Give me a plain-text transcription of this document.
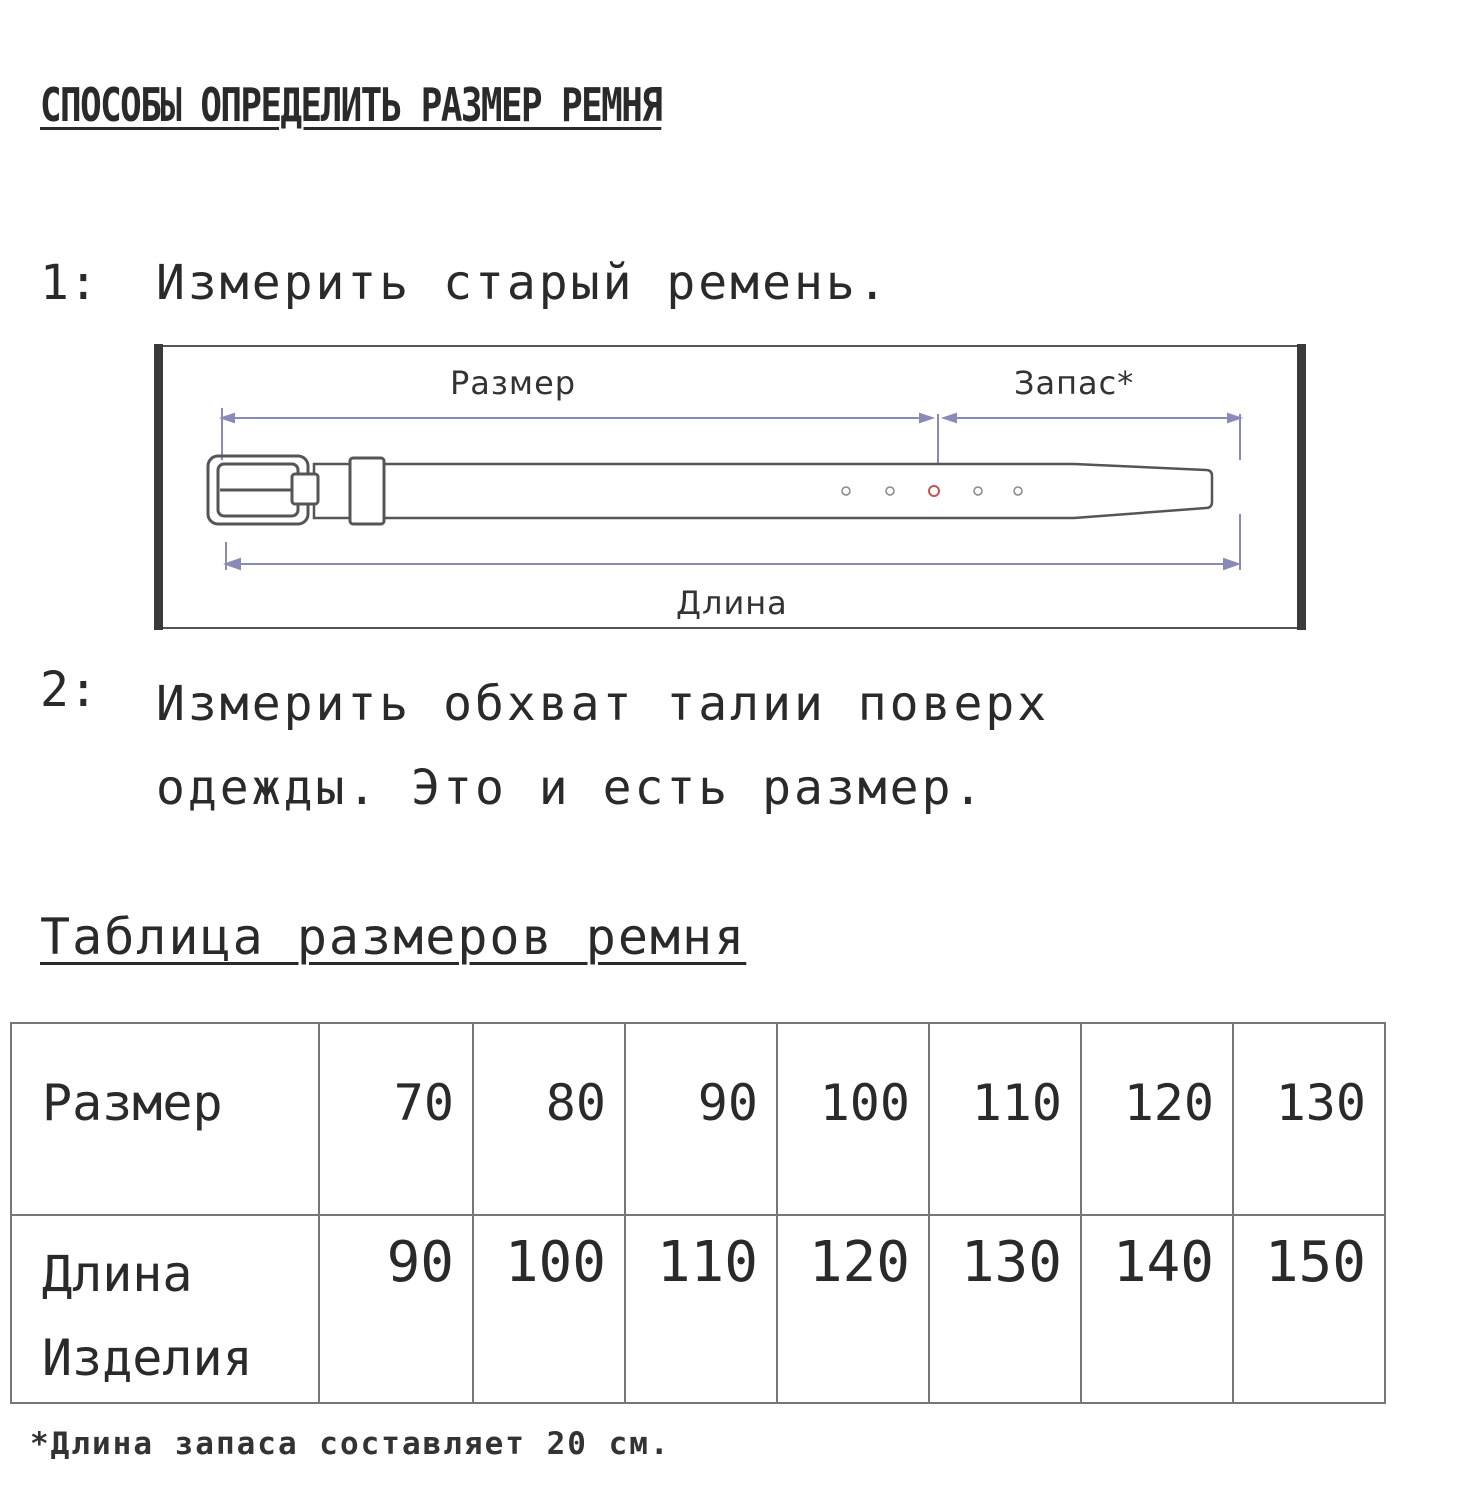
СПОСОБЫ ОПРЕДЕЛИТЬ РАЗМЕР РЕМНЯ
1: Измерить старый ремень.
Размер	Запас*
Длина
2: Измерить обхват талии поверх
одежды. Это и есть размер.
Таблица размеров ремня
Размер	70	80	90	100	110	120	130

Длина
Изделия	90	100	110	120	130	140	150
*Длина запаса составляет 20 см.
